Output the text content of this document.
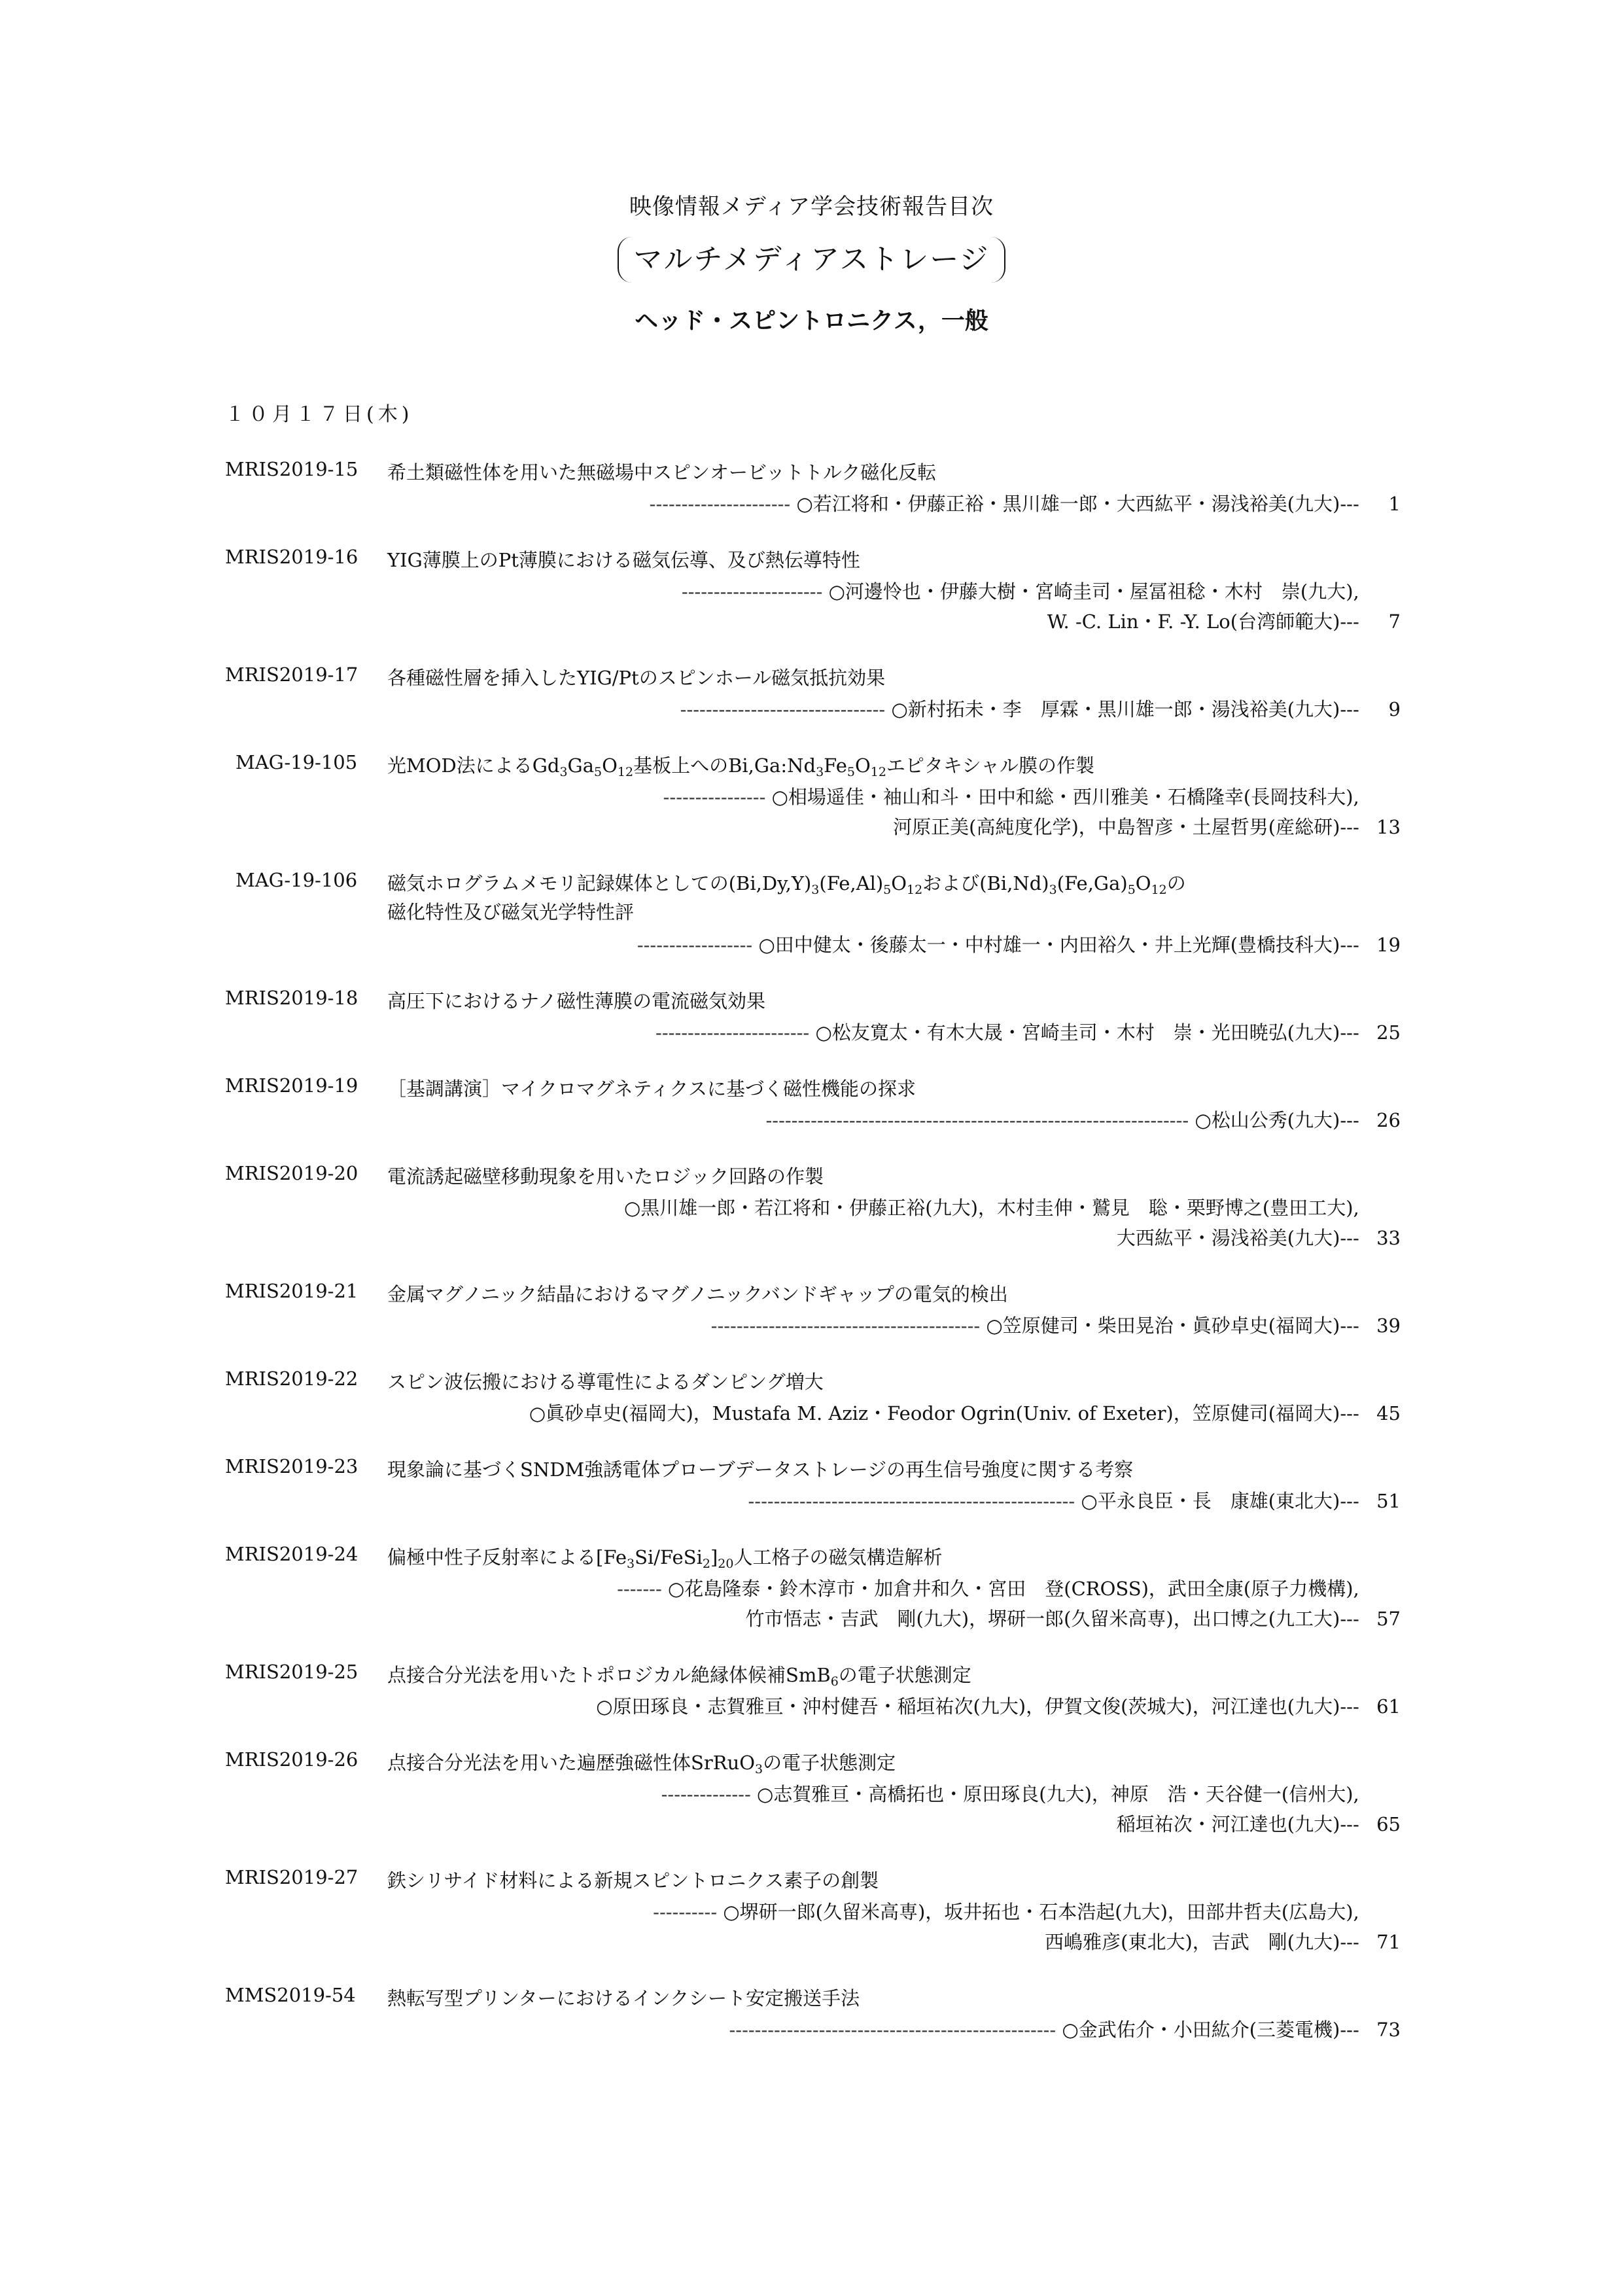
映像情報メディア学会技術報告目次
マルチメディアストレージ
ヘッド・スピントロニクス，一般
１０月１７日(木)
MRIS2019-15	希土類磁性体を用いた無磁場中スピンオービットトルク磁化反転
---------------------- ○若江将和・伊藤正裕・黒川雄一郎・大西紘平・湯浅裕美(九大)--- 1
MRIS2019-16	YIG薄膜上のPt薄膜における磁気伝導、及び熱伝導特性
---------------------- ○河邊怜也・伊藤大樹・宮崎圭司・屋冨祖稔・木村　崇(九大),
W. -C. Lin・F. -Y. Lo(台湾師範大)--- 7
MRIS2019-17	各種磁性層を挿入したYIG/Ptのスピンホール磁気抵抗効果
-------------------------------- ○新村拓未・李　厚霖・黒川雄一郎・湯浅裕美(九大)--- 9
MAG-19-105	光MOD法による$Gd_3Ga_5O_{12}$基板上への$Bi,Ga:Nd_3Fe_5O_{12}$エピタキシャル膜の作製
---------------- ○相場遥佳・袖山和斗・田中和総・西川雅美・石橋隆幸(長岡技科大),
河原正美(高純度化学)，中島智彦・土屋哲男(産総研)--- 13
MAG-19-106	磁気ホログラムメモリ記録媒体としての$(Bi,Dy,Y)_3(Fe,Al)_5O_{12}$および$(Bi,Nd)_3(Fe,Ga)_5O_{12}$の
磁化特性及び磁気光学特性評
------------------ ○田中健太・後藤太一・中村雄一・内田裕久・井上光輝(豊橋技科大)--- 19
MRIS2019-18	高圧下におけるナノ磁性薄膜の電流磁気効果
------------------------ ○松友寛太・有木大晟・宮崎圭司・木村　崇・光田暁弘(九大)--- 25
MRIS2019-19	［基調講演］マイクロマグネティクスに基づく磁性機能の探求
------------------------------------------------------------------ ○松山公秀(九大)--- 26
MRIS2019-20	電流誘起磁壁移動現象を用いたロジック回路の作製
○黒川雄一郎・若江将和・伊藤正裕(九大)，木村圭伸・鷲見　聡・栗野博之(豊田工大),
大西紘平・湯浅裕美(九大)--- 33
MRIS2019-21	金属マグノニック結晶におけるマグノニックバンドギャップの電気的検出
------------------------------------------ ○笠原健司・柴田晃治・眞砂卓史(福岡大)--- 39
MRIS2019-22	スピン波伝搬における導電性によるダンピング増大
○眞砂卓史(福岡大)，Mustafa M. Aziz・Feodor Ogrin(Univ. of Exeter)，笠原健司(福岡大)--- 45
MRIS2019-23	現象論に基づくSNDM強誘電体プローブデータストレージの再生信号強度に関する考察
--------------------------------------------------- ○平永良臣・長　康雄(東北大)--- 51
MRIS2019-24	偏極中性子反射率による$[Fe_3Si/FeSi_2]_{20}$人工格子の磁気構造解析
------- ○花島隆泰・鈴木淳市・加倉井和久・宮田　登(CROSS)，武田全康(原子力機構),
竹市悟志・吉武　剛(九大)，堺研一郎(久留米高専)，出口博之(九工大)--- 57
MRIS2019-25	点接合分光法を用いたトポロジカル絶縁体候補SmB$_6$の電子状態測定
○原田琢良・志賀雅亘・沖村健吾・稲垣祐次(九大)，伊賀文俊(茨城大)，河江達也(九大)--- 61
MRIS2019-26	点接合分光法を用いた遍歴強磁性体SrRuO$_3$の電子状態測定
-------------- ○志賀雅亘・高橋拓也・原田琢良(九大)，神原　浩・天谷健一(信州大),
稲垣祐次・河江達也(九大)--- 65
MRIS2019-27	鉄シリサイド材料による新規スピントロニクス素子の創製
---------- ○堺研一郎(久留米高専)，坂井拓也・石本浩起(九大)，田部井哲夫(広島大),
西嶋雅彦(東北大)，吉武　剛(九大)--- 71
MMS2019-54	熱転写型プリンターにおけるインクシート安定搬送手法
--------------------------------------------------- ○金武佑介・小田紘介(三菱電機)--- 73
